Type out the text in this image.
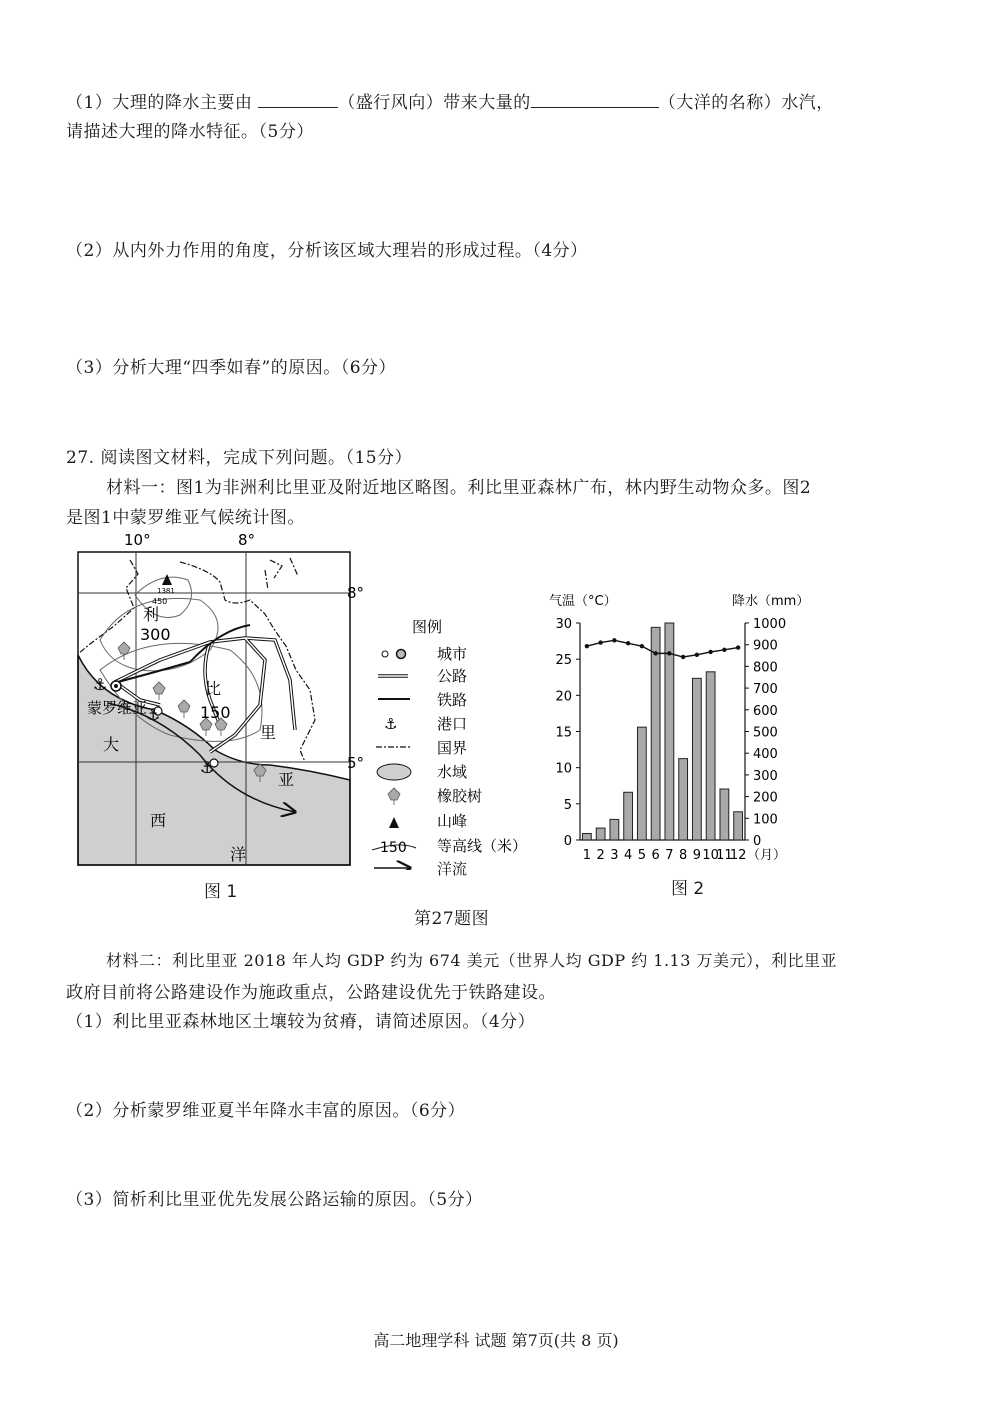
（1）大理的降水主要由	（盛行风向）带来大量的	（大洋的名称）水汽，
请描述大理的降水特征。（5分）
（2）从内外力作用的角度，分析该区域大理岩的形成过程。（4分）
（3）分析大理“四季如春”的原因。（6分）
27. 阅读图文材料，完成下列问题。（15分）
材料一：图1为非洲利比里亚及附近地区略图。利比里亚森林广布，林内野生动物众多。图2
是图1中蒙罗维亚气候统计图。
10°	8°
8°
5°
1381
450
⚓
⚓
⚓
利
300
比
150
里
亚
蒙罗维亚
大
西
洋
图例
城市
公路
铁路
⚓	港口
国界
水域
橡胶树
山峰
150 等高线（米）
洋流
图 1
气温（°C）	降水（mm）
0
5
10
15
20
25
30
0
100
200
300
400
500
600
700
800
900
1000
1 2 3 4 5 6 7 8 9 10
11
12 （月）
图 2
第27题图
材料二：利比里亚 2018 年人均 GDP 约为 674 美元（世界人均 GDP 约 1.13 万美元），利比里亚
政府目前将公路建设作为施政重点，公路建设优先于铁路建设。
（1）利比里亚森林地区土壤较为贫瘠，请简述原因。（4分）
（2）分析蒙罗维亚夏半年降水丰富的原因。（6分）
（3）简析利比里亚优先发展公路运输的原因。（5分）
高二地理学科 试题 第7页(共 8 页)
